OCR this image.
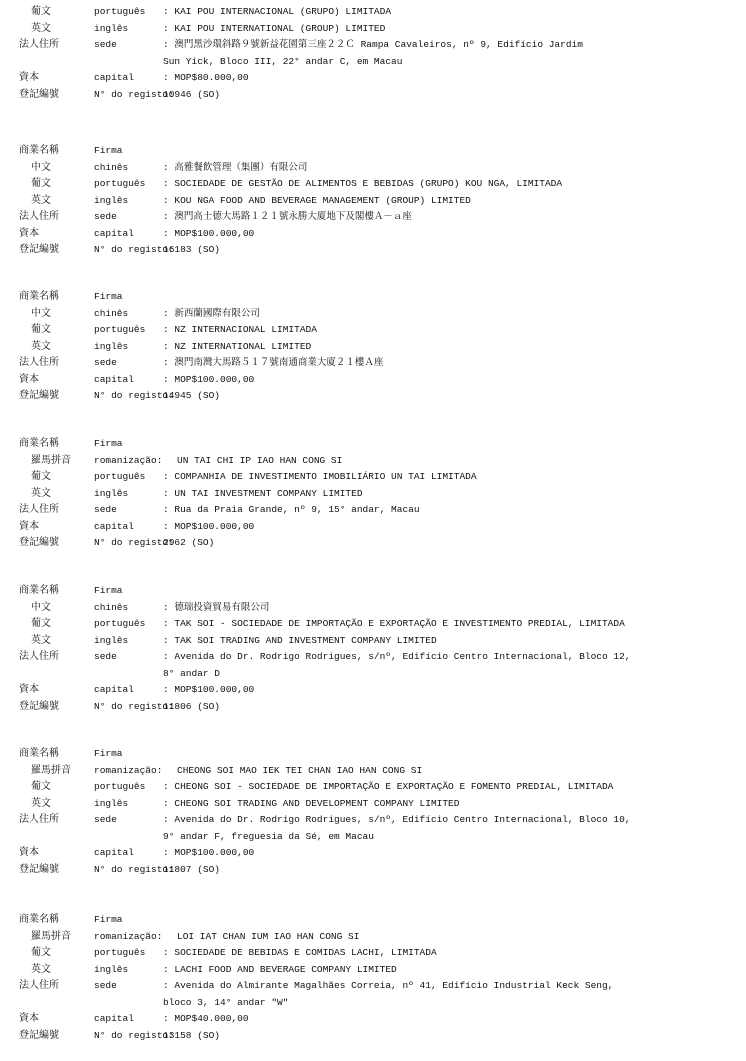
葡文	português : KAI POU INTERNACIONAL (GRUPO) LIMITADA
英文	inglês	: KAI POU INTERNATIONAL (GROUP) LIMITED
法人住所	sede	: 澳門黑沙環斜路９號新益花園第三座２２Ｃ Rampa Cavaleiros, nº 9, Edifício Jardim
Sun Yick, Bloco III, 22° andar C, em Macau
資本	capital	: MOP$80.000,00
登記編號	N° do registo:
10946 (SO)
商業名稱	Firma
中文	chinês	: 高雅餐飲管理（集團）有限公司
葡文	português : SOCIEDADE DE GESTÃO DE ALIMENTOS E BEBIDAS (GRUPO) KOU NGA, LIMITADA
英文	inglês	: KOU NGA FOOD AND BEVERAGE MANAGEMENT (GROUP) LIMITED
法人住所	sede	: 澳門高士德大馬路１２１號永勝大廈地下及閣樓Ａ－ａ座
資本	capital	: MOP$100.000,00
登記編號	N° do registo:
16183 (SO)
商業名稱	Firma
中文	chinês	: 新西蘭國際有限公司
葡文	português : NZ INTERNACIONAL LIMITADA
英文	inglês	: NZ INTERNATIONAL LIMITED
法人住所	sede	: 澳門南灣大馬路５１７號南通商業大廈２１樓Ａ座
資本	capital	: MOP$100.000,00
登記編號	N° do registo:
14945 (SO)
商業名稱	Firma
羅馬拼音 romanização: UN TAI CHI IP IAO HAN CONG SI
葡文	português : COMPANHIA DE INVESTIMENTO IMOBILIÁRIO UN TAI LIMITADA
英文	inglês	: UN TAI INVESTMENT COMPANY LIMITED
法人住所	sede	: Rua da Praia Grande, nº 9, 15° andar, Macau
資本	capital	: MOP$100.000,00
登記編號	N° do registo:
2962 (SO)
商業名稱	Firma
中文	chinês	: 德瑞投資貿易有限公司
葡文	português : TAK SOI - SOCIEDADE DE IMPORTAÇÃO E EXPORTAÇÃO E INVESTIMENTO PREDIAL, LIMITADA
英文	inglês	: TAK SOI TRADING AND INVESTMENT COMPANY LIMITED
法人住所	sede	: Avenida do Dr. Rodrigo Rodrigues, s/nº, Edifício Centro Internacional, Bloco 12,
8° andar D
資本	capital	: MOP$100.000,00
登記編號	N° do registo:
11806 (SO)
商業名稱	Firma
羅馬拼音 romanização: CHEONG SOI MAO IEK TEI CHAN IAO HAN CONG SI
葡文	português : CHEONG SOI - SOCIEDADE DE IMPORTAÇÃO E EXPORTAÇÃO E FOMENTO PREDIAL, LIMITADA
英文	inglês	: CHEONG SOI TRADING AND DEVELOPMENT COMPANY LIMITED
法人住所	sede	: Avenida do Dr. Rodrigo Rodrigues, s/nº, Edifício Centro Internacional, Bloco 10,
9° andar F, freguesia da Sé, em Macau
資本	capital	: MOP$100.000,00
登記編號	N° do registo:
11807 (SO)
商業名稱	Firma
羅馬拼音 romanização: LOI IAT CHAN IUM IAO HAN CONG SI
葡文	português : SOCIEDADE DE BEBIDAS E COMIDAS LACHI, LIMITADA
英文	inglês	: LACHI FOOD AND BEVERAGE COMPANY LIMITED
法人住所	sede	: Avenida do Almirante Magalhães Correia, nº 41, Edifício Industrial Keck Seng,
bloco 3, 14° andar "W"
資本	capital	: MOP$40.000,00
登記編號	N° do registo:
13158 (SO)
